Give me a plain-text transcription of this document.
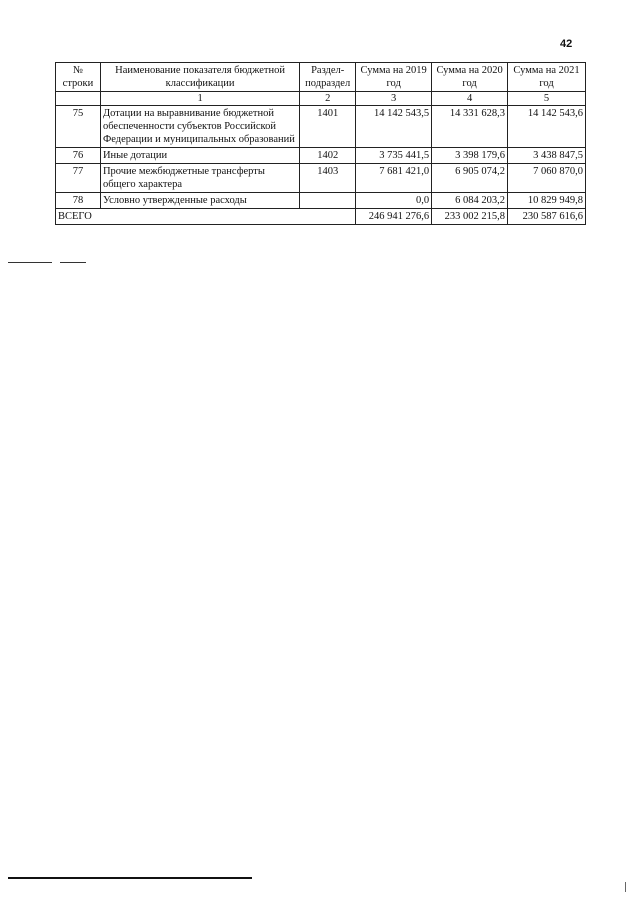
42
№ строки	Наименование показателя бюджетной классификации	Раздел-подраздел	Сумма на 2019 год	Сумма на 2020 год	Сумма на 2021 год
	1	2	3	4	5
75	Дотации на выравнивание бюджетной обеспеченности субъектов Российской Федерации и муниципальных образований	1401	14 142 543,5	14 331 628,3	14 142 543,6
76	Иные дотации	1402	3 735 441,5	3 398 179,6	3 438 847,5
77	Прочие межбюджетные трансферты общего характера	1403	7 681 421,0	6 905 074,2	7 060 870,0
78	Условно утвержденные расходы		0,0	6 084 203,2	10 829 949,8
ВСЕГО			246 941 276,6	233 002 215,8	230 587 616,6
